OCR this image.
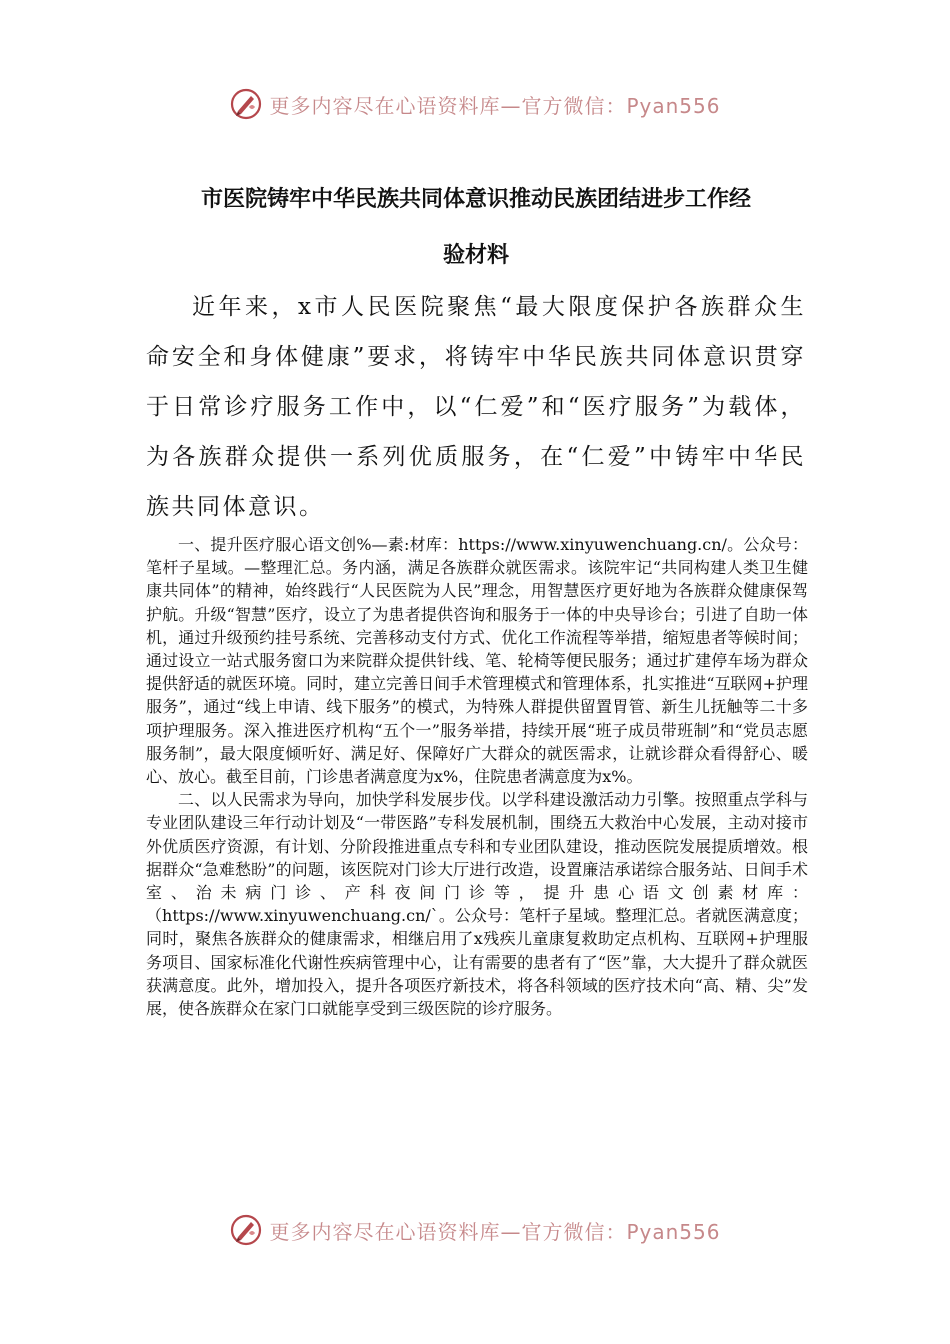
更多内容尽在心语资料库—官方微信：Pyan556
市医院铸牢中华民族共同体意识推动民族团结进步工作经
验材料

近年来，x市人民医院聚焦“最大限度保护各族群众生命安全和身体健康”要求，将铸牢中华民族共同体意识贯穿于日常诊疗服务工作中，以“仁爱”和“医疗服务”为载体，为各族群众提供一系列优质服务，在“仁爱”中铸牢中华民族共同体意识。

一、提升医疗服心语文创%—素:材库：https://www.xinyuwenchuang.cn/。公众号：笔杆子星域。—整理汇总。务内涵，满足各族群众就医需求。该院牢记“共同构建人类卫生健康共同体”的精神，始终践行“人民医院为人民”理念，用智慧医疗更好地为各族群众健康保驾护航。升级“智慧”医疗，设立了为患者提供咨询和服务于一体的中央导诊台；引进了自助一体机，通过升级预约挂号系统、完善移动支付方式、优化工作流程等举措，缩短患者等候时间；通过设立一站式服务窗口为来院群众提供针线、笔、轮椅等便民服务；通过扩建停车场为群众提供舒适的就医环境。同时，建立完善日间手术管理模式和管理体系，扎实推进“互联网+护理服务”，通过“线上申请、线下服务”的模式，为特殊人群提供留置胃管、新生儿抚触等二十多项护理服务。深入推进医疗机构“五个一”服务举措，持续开展“班子成员带班制”和“党员志愿服务制”，最大限度倾听好、满足好、保障好广大群众的就医需求，让就诊群众看得舒心、暖心、放心。截至目前，门诊患者满意度为x%，住院患者满意度为x%。

二、以人民需求为导向，加快学科发展步伐。以学科建设激活动力引擎。按照重点学科与专业团队建设三年行动计划及“一带医路”专科发展机制，围绕五大救治中心发展，主动对接市外优质医疗资源，有计划、分阶段推进重点专科和专业团队建设，推动医院发展提质增效。根据群众“急难愁盼”的问题，该医院对门诊大厅进行改造，设置廉洁承诺综合服务站、日间手术室、治未病门诊、产科夜间门诊等，提升患心语文创素材库：（https://www.xinyuwenchuang.cn/`。公众号：笔杆子星域。整理汇总。者就医满意度；同时，聚焦各族群众的健康需求，相继启用了x残疾儿童康复救助定点机构、互联网+护理服务项目、国家标准化代谢性疾病管理中心，让有需要的患者有了“医”靠，大大提升了群众就医获满意度。此外，增加投入，提升各项医疗新技术，将各科领域的医疗技术向“高、精、尖”发展，使各族群众在家门口就能享受到三级医院的诊疗服务。

更多内容尽在心语资料库—官方微信：Pyan556
